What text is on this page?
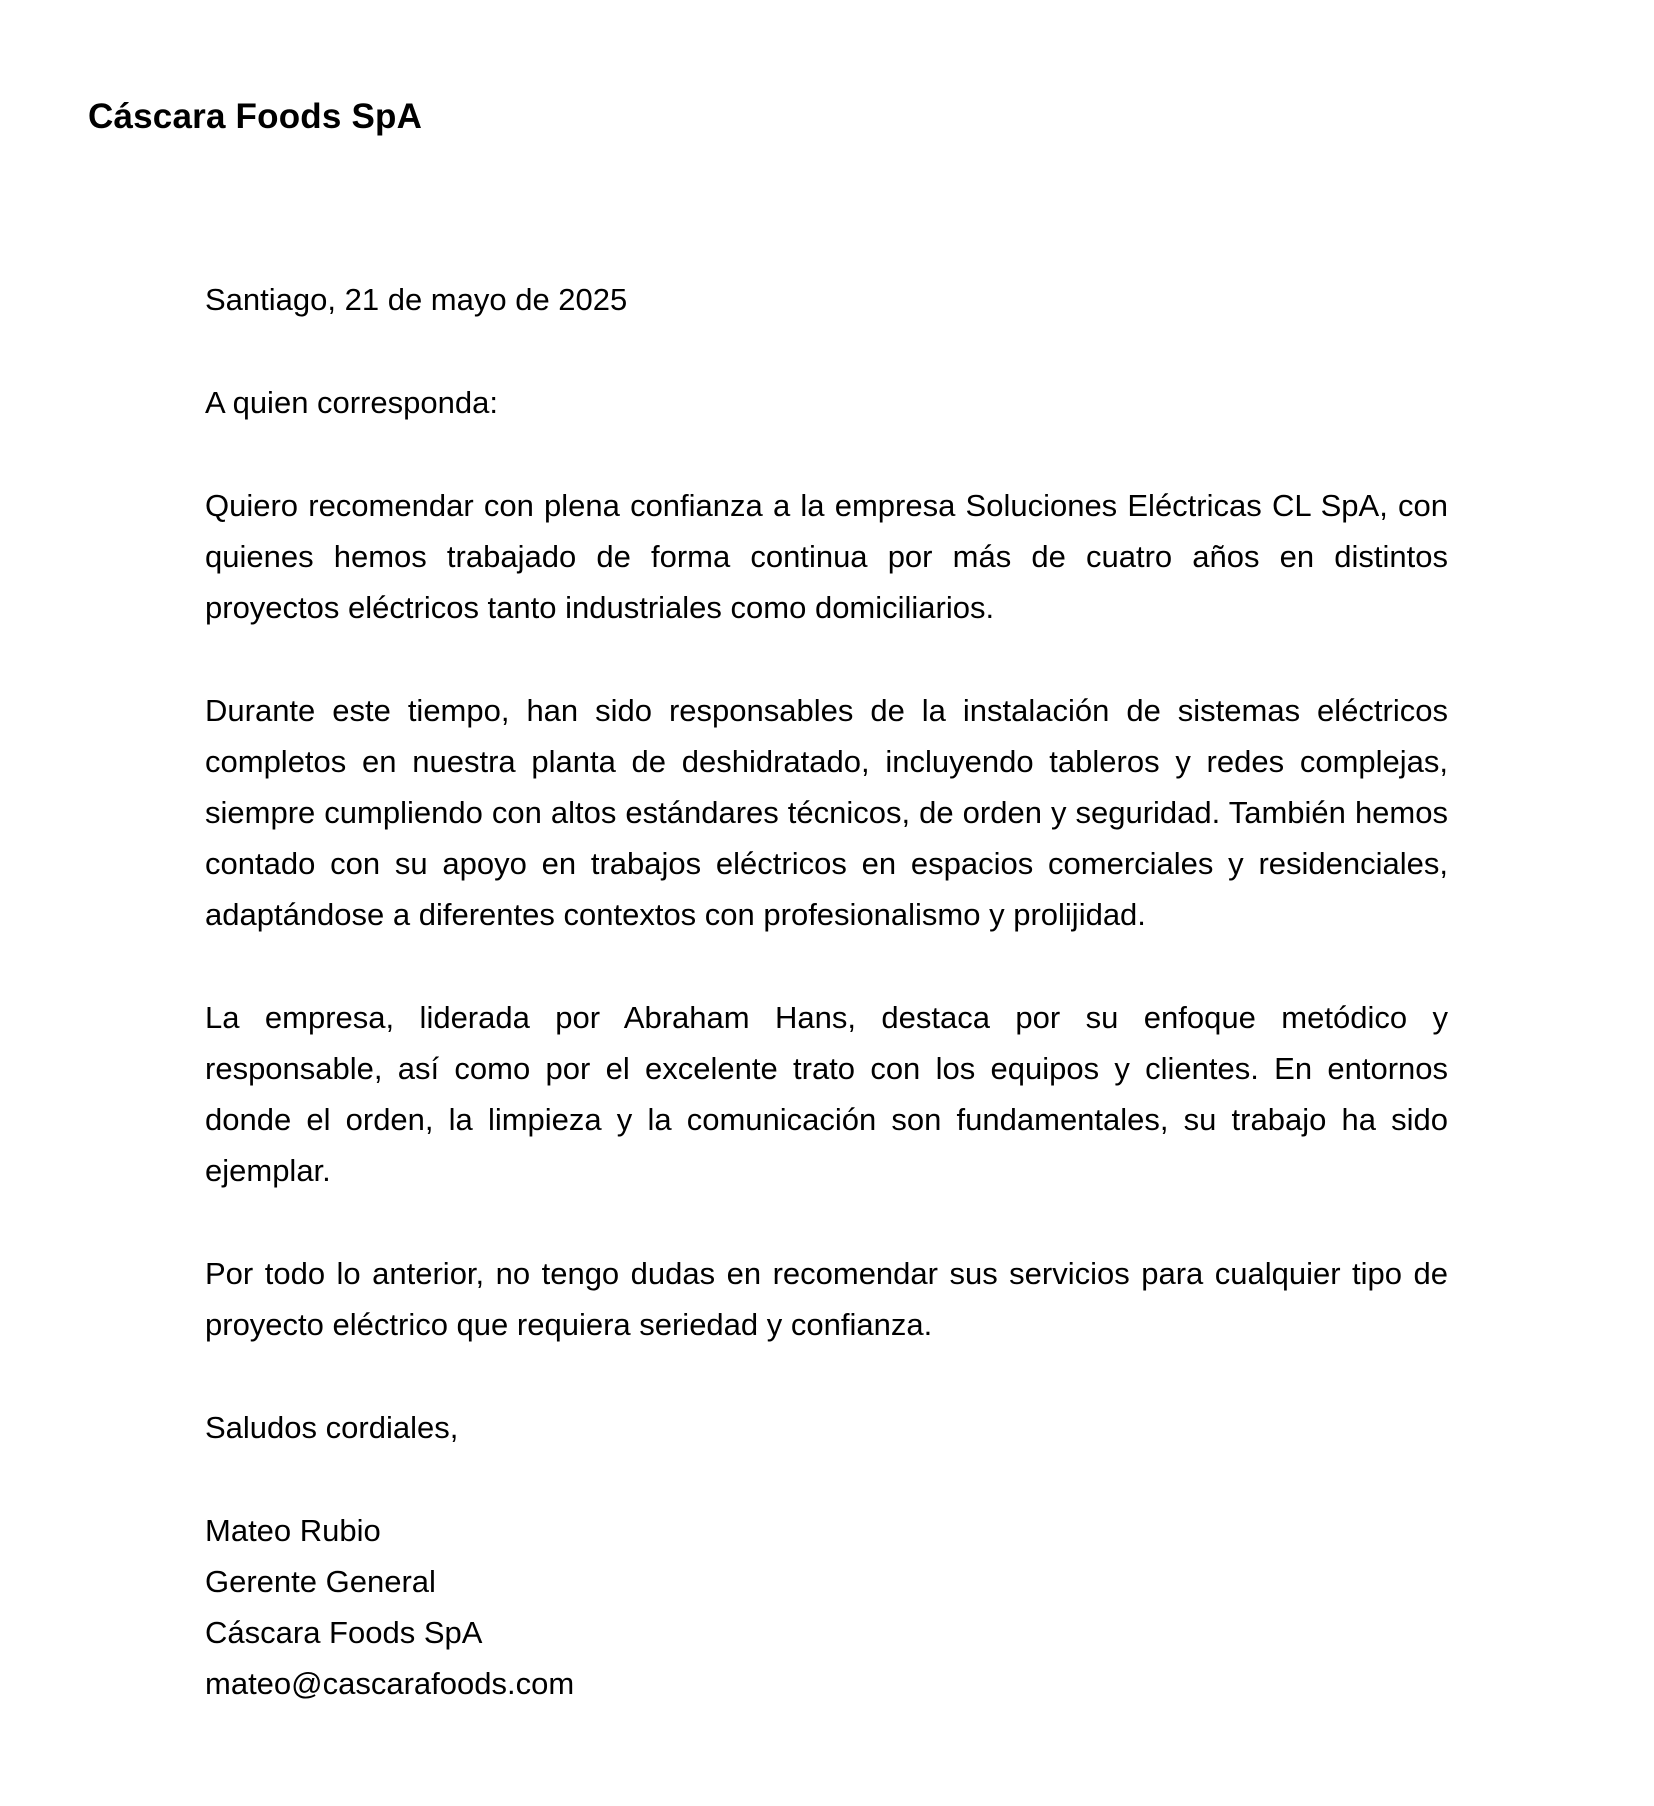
Cáscara Foods SpA
Santiago, 21 de mayo de 2025
A quien corresponda:

Quiero recomendar con plena confianza a la empresa Soluciones Eléctricas CL SpA, con quienes hemos trabajado de forma continua por más de cuatro años en distintos proyectos eléctricos tanto industriales como domiciliarios.

Durante este tiempo, han sido responsables de la instalación de sistemas eléctricos completos en nuestra planta de deshidratado, incluyendo tableros y redes complejas, siempre cumpliendo con altos estándares técnicos, de orden y seguridad. También hemos contado con su apoyo en trabajos eléctricos en espacios comerciales y residenciales, adaptándose a diferentes contextos con profesionalismo y prolijidad.

La empresa, liderada por Abraham Hans, destaca por su enfoque metódico y responsable, así como por el excelente trato con los equipos y clientes. En entornos donde el orden, la limpieza y la comunicación son fundamentales, su trabajo ha sido ejemplar.

Por todo lo anterior, no tengo dudas en recomendar sus servicios para cualquier tipo de proyecto eléctrico que requiera seriedad y confianza.

Saludos cordiales,
Mateo Rubio
Gerente General
Cáscara Foods SpA
mateo@cascarafoods.com
